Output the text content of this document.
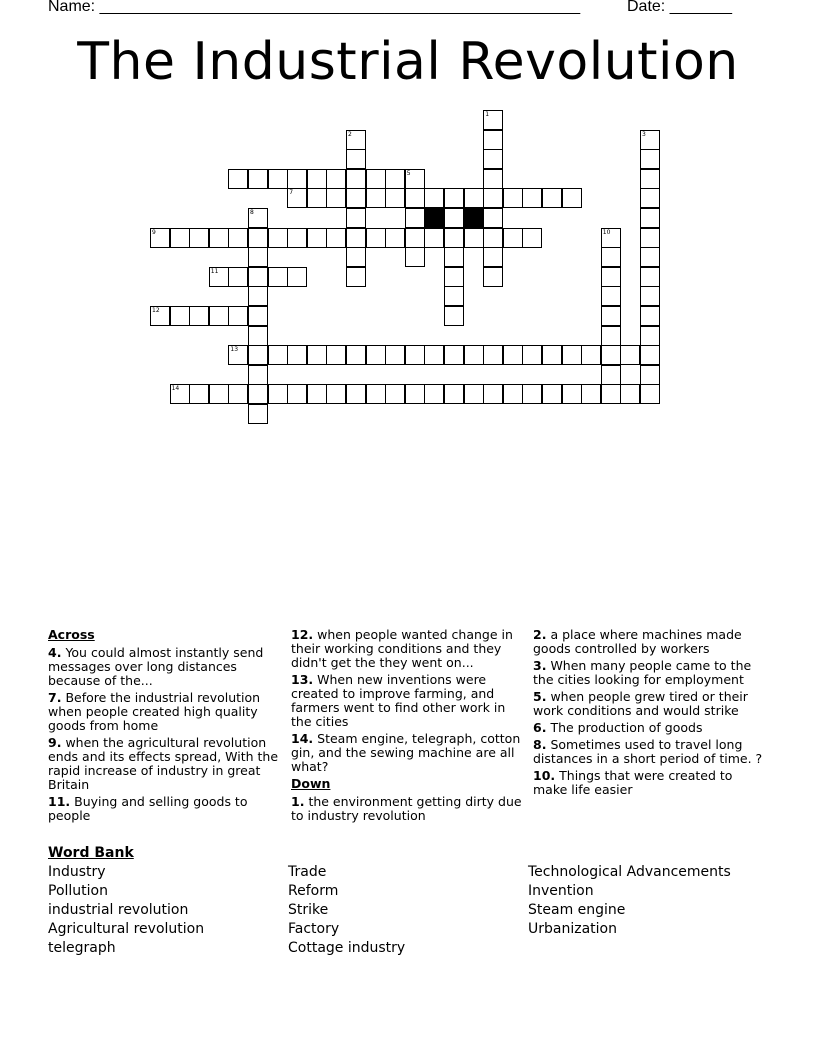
Name: ______________________________________________________	Date: _______
The Industrial Revolution
1
2	3
5
7
8
9	10
11
12
13
14

Across

4. You could almost instantly send messages over long distances because of the...

7. Before the industrial revolution when people created high quality goods from home

9. when the agricultural revolution ends and its effects spread, With the rapid increase of industry in great Britain

11. Buying and selling goods to people

12. when people wanted change in their working conditions and they didn't get the they went on...

13. When new inventions were created to improve farming, and farmers went to find other work in the cities

14. Steam engine, telegraph, cotton gin, and the sewing machine are all what?

Down

1. the environment getting dirty due to industry revolution

2. a place where machines made goods controlled by workers

3. When many people came to the the cities looking for employment

5. when people grew tired or their work conditions and would strike

6. The production of goods

8. Sometimes used to travel long distances in a short period of time. ?

10. Things that were created to make life easier

Word Bank
Industry
Pollution
industrial revolution
Agricultural revolution
telegraph
Trade
Reform
Strike
Factory
Cottage industry
Technological Advancements
Invention
Steam engine
Urbanization
